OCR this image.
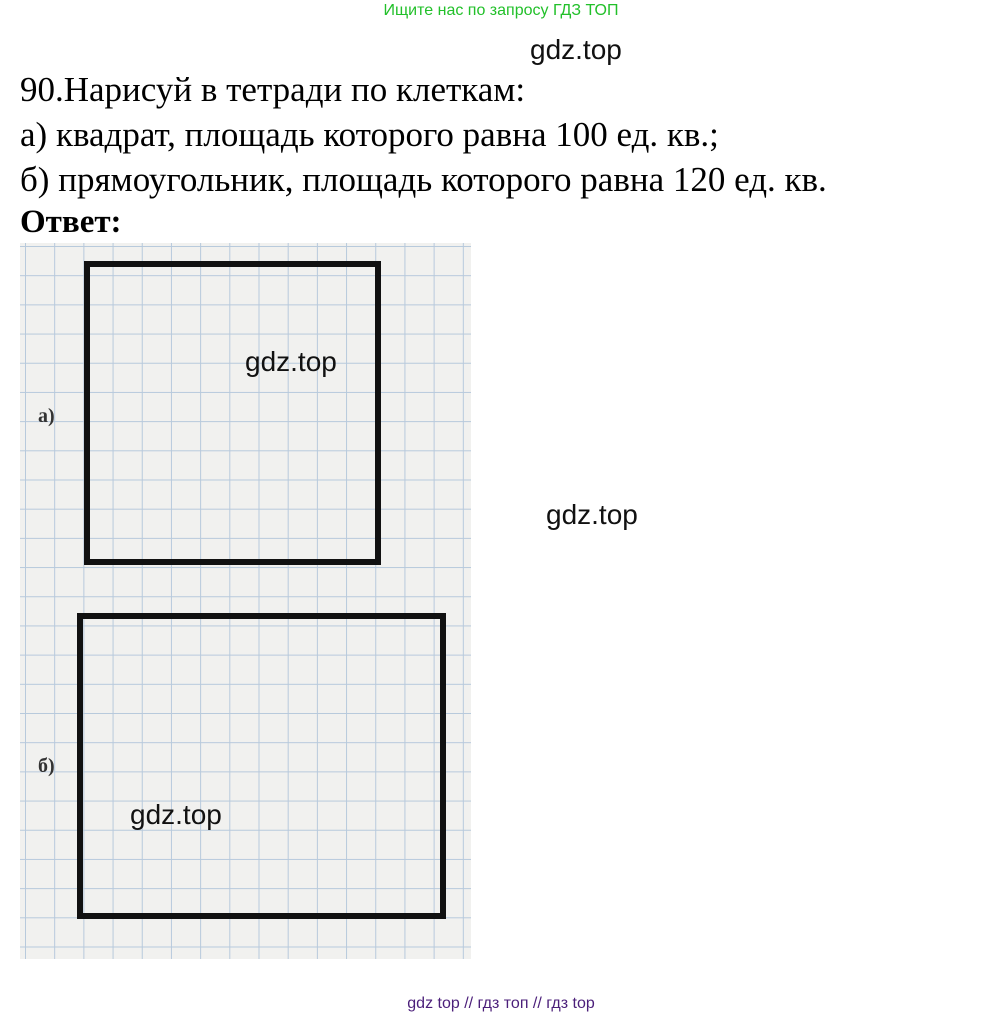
Ищите нас по запросу ГДЗ ТОП
gdz.top
90.Нарисуй в тетради по клеткам:
а) квадрат, площадь которого равна 100 ед. кв.;
б) прямоугольник, площадь которого равна 120 ед. кв.
Ответ:
а)
б)
gdz.top
gdz.top
gdz.top
gdz top // гдз топ // гдз top
